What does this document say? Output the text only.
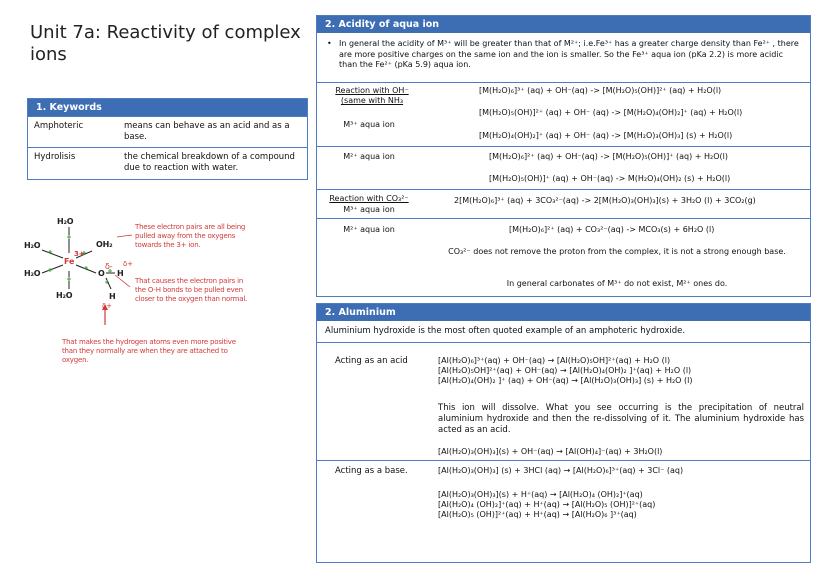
Unit 7a: Reactivity of complex ions
1. Keywords
Amphoteric	means can behave as an acid and as a base.
Hydrolisis	the chemical breakdown of a compound due to reaction with water.
H₂O
H₂O	OH₂
Fe
3+
H₂O	O H
δ+
δ-
H₂O	H
δ+
These electron pairs are all being pulled away from the oxygens towards the 3+ ion.
That causes the electron pairs in the O-H bonds to be pulled even closer to the oxygen than normal.
That makes the hydrogen atoms even more positive than they normally are when they are attached to oxygen.
2. Acidity of aqua ion
• In general the acidity of M³⁺ will be greater than that of M²⁺; i.e.Fe³⁺ has a greater charge density than Fe²⁺ , there are more positive charges on the same ion and the ion is smaller. So the Fe³⁺ aqua ion (pKa 2.2) is more acidic than the Fe²⁺ (pKa 5.9) aqua ion.
Reaction with OH⁻ (same with NH₃
M³⁺ aqua ion
[M(H₂O)₆]³⁺ (aq) + OH⁻(aq) -> [M(H₂O)₅(OH)]²⁺ (aq) + H₂O(l)
[M(H₂O)₅(OH)]²⁺ (aq) + OH⁻ (aq) -> [M(H₂O)₄(OH)₂]⁺ (aq) + H₂O(l)
[M(H₂O)₄(OH)₂]⁺ (aq) + OH⁻ (aq) -> [M(H₂O)₃(OH)₃] (s) + H₂O(l)
M²⁺ aqua ion	[M(H₂O)₆]²⁺ (aq) + OH⁻(aq) -> [M(H₂O)₅(OH)]⁺ (aq) + H₂O(l)
[M(H₂O)₅(OH)]⁺ (aq) + OH⁻(aq) -> M(H₂O)₄(OH)₂ (s) + H₂O(l)
Reaction with CO₃²⁻
M³⁺ aqua ion
2[M(H₂O)₆]³⁺ (aq) + 3CO₃²⁻(aq) -> 2[M(H₂O)₃(OH)₃](s) + 3H₂O (l) + 3CO₂(g)
M²⁺ aqua ion	[M(H₂O)₆]²⁺ (aq) + CO₃²⁻(aq) -> MCO₃(s) + 6H₂O (l)
CO₃²⁻ does not remove the proton from the complex, it is not a strong enough base.
In general carbonates of M³⁺ do not exist, M²⁺ ones do.
2. Aluminium
Aluminium hydroxide is the most often quoted example of an amphoteric hydroxide.
Acting as an acid	[Al(H₂O)₆]³⁺(aq) + OH⁻(aq) → [Al(H₂O)₅OH]²⁺(aq) + H₂O (l)
[Al(H₂O)₅OH]²⁺(aq) + OH⁻(aq) → [Al(H₂O)₄(OH)₂ ]⁺(aq) + H₂O (l)
[Al(H₂O)₄(OH)₂ ]⁺ (aq) + OH⁻(aq) → [Al(H₂O)₃(OH)₃] (s) + H₂O (l)
This ion will dissolve. What you see occurring is the precipitation of neutral aluminium hydroxide and then the re-dissolving of it. The aluminium hydroxide has acted as an acid.
[Al(H₂O)₃(OH)₃](s) + OH⁻(aq) → [Al(OH)₄]⁻(aq) + 3H₂O(l)
Acting as a base.	[Al(H₂O)₃(OH)₃] (s) + 3HCl (aq) → [Al(H₂O)₆]³⁺(aq) + 3Cl⁻ (aq)
[Al(H₂O)₃(OH)₃](s) + H⁺(aq) → [Al(H₂O)₄ (OH)₂]⁺(aq)
[Al(H₂O)₄ (OH)₂]⁺(aq) + H⁺(aq) → [Al(H₂O)₅ (OH)]²⁺(aq)
[Al(H₂O)₅ (OH)]²⁺(aq) + H⁺(aq) → [Al(H₂O)₆ ]³⁺(aq)
